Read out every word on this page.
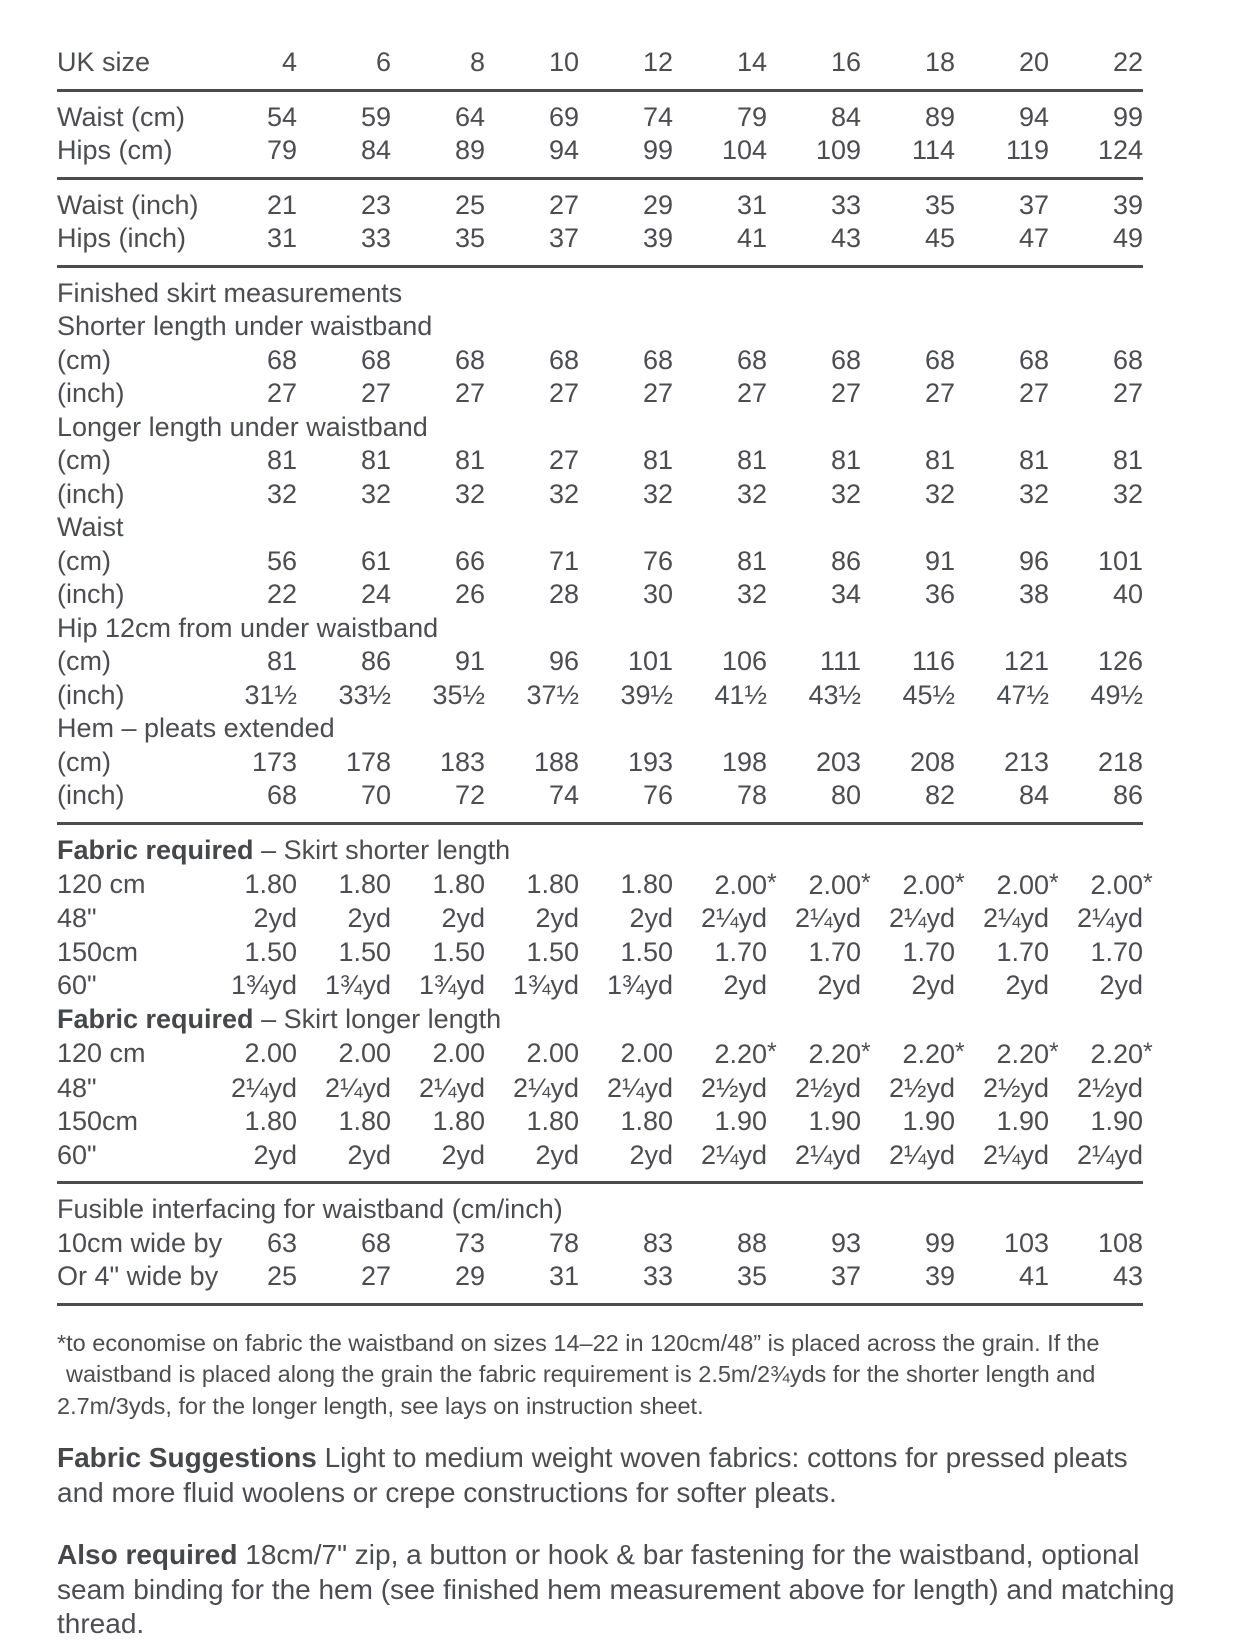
UK size	4	6	8	10	12	14	16	18	20	22

Waist (cm)	54	59	64	69	74	79	84	89	94	99
Hips (cm)	79	84	89	94	99	104	109	114	119	124

Waist (inch)	21	23	25	27	29	31	33	35	37	39
Hips (inch)	31	33	35	37	39	41	43	45	47	49

Finished skirt measurements										
Shorter length under waistband										
(cm)	68	68	68	68	68	68	68	68	68	68
(inch)	27	27	27	27	27	27	27	27	27	27
Longer length under waistband										
(cm)	81	81	81	27	81	81	81	81	81	81
(inch)	32	32	32	32	32	32	32	32	32	32
Waist										
(cm)	56	61	66	71	76	81	86	91	96	101
(inch)	22	24	26	28	30	32	34	36	38	40
Hip 12cm from under waistband										
(cm)	81	86	91	96	101	106	111	116	121	126
(inch)	31½	33½	35½	37½	39½	41½	43½	45½	47½	49½
Hem – pleats extended										
(cm)	173	178	183	188	193	198	203	208	213	218
(inch)	68	70	72	74	76	78	80	82	84	86

Fabric required – Skirt shorter length										
120 cm	1.80	1.80	1.80	1.80	1.80	2.00*	2.00*	2.00*	2.00*	2.00*
48"	2yd	2yd	2yd	2yd	2yd	2¼yd	2¼yd	2¼yd	2¼yd	2¼yd
150cm	1.50	1.50	1.50	1.50	1.50	1.70	1.70	1.70	1.70	1.70
60"	1¾yd	1¾yd	1¾yd	1¾yd	1¾yd	2yd	2yd	2yd	2yd	2yd
Fabric required – Skirt longer length										
120 cm	2.00	2.00	2.00	2.00	2.00	2.20*	2.20*	2.20*	2.20*	2.20*
48"	2¼yd	2¼yd	2¼yd	2¼yd	2¼yd	2½yd	2½yd	2½yd	2½yd	2½yd
150cm	1.80	1.80	1.80	1.80	1.80	1.90	1.90	1.90	1.90	1.90
60"	2yd	2yd	2yd	2yd	2yd	2¼yd	2¼yd	2¼yd	2¼yd	2¼yd

Fusible interfacing for waistband (cm/inch)										
10cm wide by	63	68	73	78	83	88	93	99	103	108
Or 4" wide by	25	27	29	31	33	35	37	39	41	43

*to economise on fabric the waistband on sizes 14–22 in 120cm/48” is placed across the grain. If the
waistband is placed along the grain the fabric requirement is 2.5m/2¾yds for the shorter length and
2.7m/3yds, for the longer length, see lays on instruction sheet.

Fabric Suggestions Light to medium weight woven fabrics: cottons for pressed pleats and more fluid woolens or crepe constructions for softer pleats.

Also required 18cm/7" zip, a button or hook & bar fastening for the waistband, optional seam binding for the hem (see finished hem measurement above for length) and matching thread.
